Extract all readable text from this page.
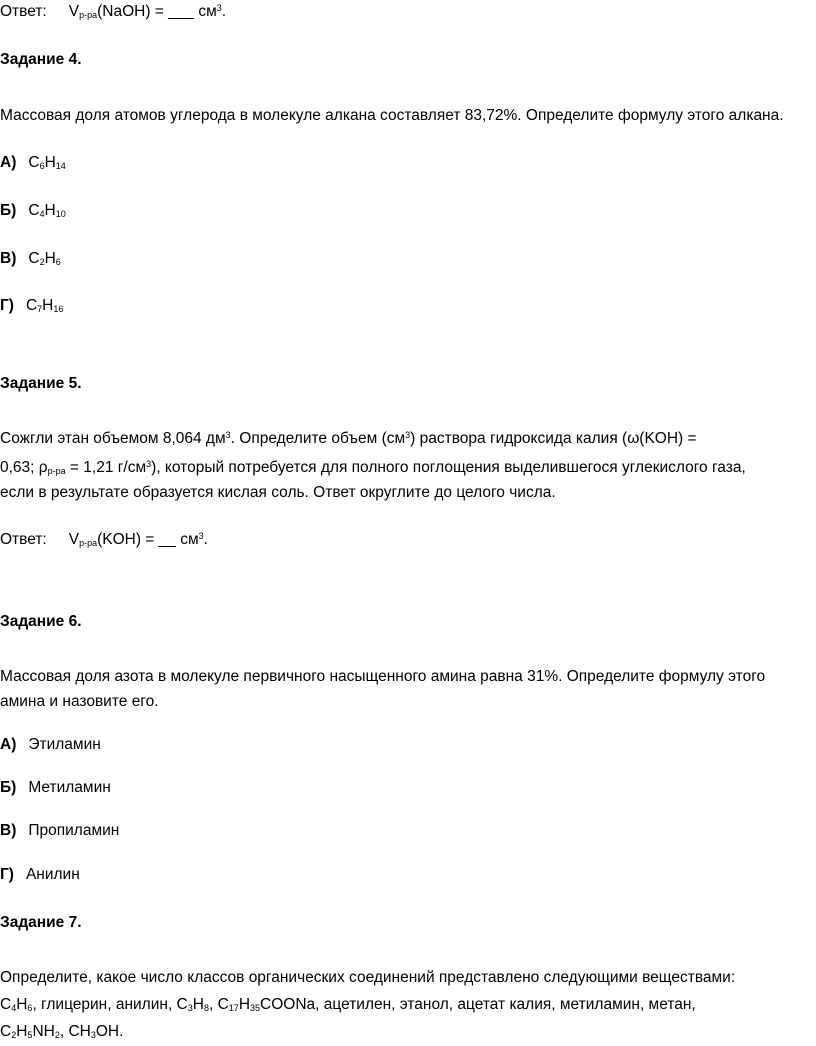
Ответ: $V_{р-ра}(NaOH)$ = ___ $см^3$.
Задание 4.
Массовая доля атомов углерода в молекуле алкана составляет 83,72%. Определите формулу этого алкана.
А) $C_6H_{14}$
Б) $C_4H_{10}$
В) $C_2H_6$
Г) $C_7H_{16}$
Задание 5.
Сожгли этан объемом 8,064 $дм^3$. Определите объем $(см^3)$ раствора гидроксида калия (ω(KOH) =
0,63; $\rho_{р-ра} = 1,21$ $г/см^3$), который потребуется для полного поглощения выделившегося углекислого газа,
если в результате образуется кислая соль. Ответ округлите до целого числа.
Ответ: $V_{р-ра}(KOH)$ = __ $см^3$.
Задание 6.
Массовая доля азота в молекуле первичного насыщенного амина равна 31%. Определите формулу этого
амина и назовите его.
А) Этиламин
Б) Метиламин
В) Пропиламин
Г) Анилин
Задание 7.
Определите, какое число классов органических соединений представлено следующими веществами:
$C_4H_6$, глицерин, анилин, $C_3H_8$, $C_{17}H_{35}COONa$, ацетилен, этанол, ацетат калия, метиламин, метан,
$C_2H_5NH_2$, $CH_3OH$.
